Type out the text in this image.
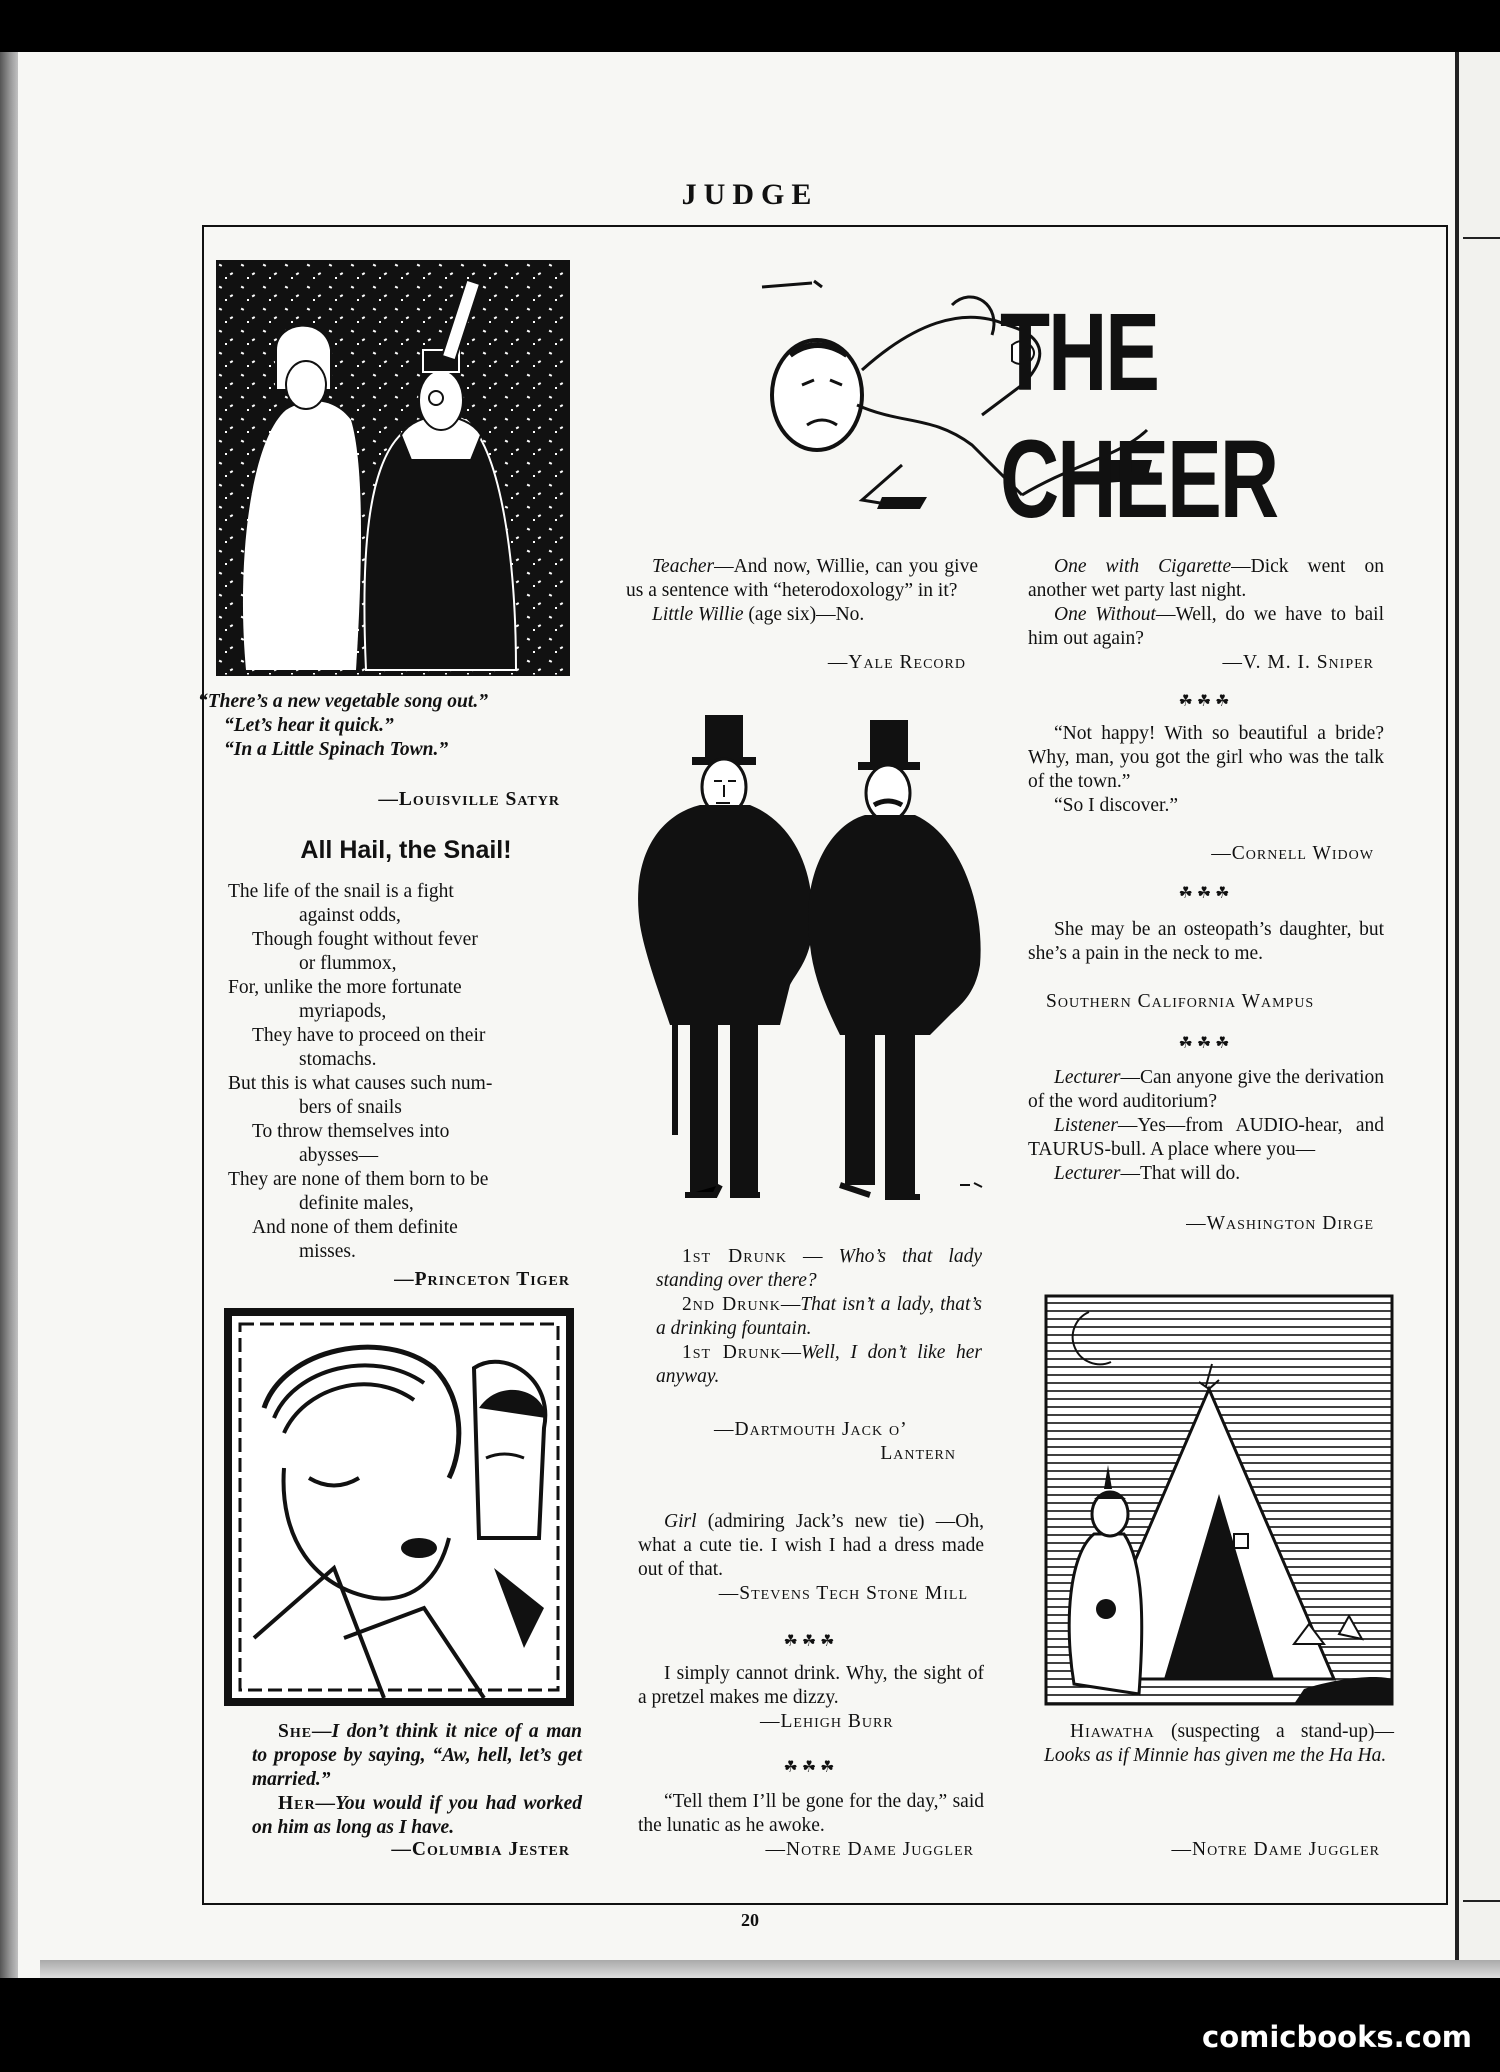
JUDGE

“There’s a new vegetable song out.”

“Let’s hear it quick.”

“In a Little Spinach Town.”

—Louisville Satyr

All Hail, the Snail!

The life of the snail is a fight

against odds,

Though fought without fever

or flummox,

For, unlike the more fortunate

myriapods,

They have to proceed on their

stomachs.

But this is what causes such num-

bers of snails

To throw themselves into

abysses—

They are none of them born to be

definite males,

And none of them definite

misses.

—Princeton Tiger

She—I don’t think it nice of a man to propose by saying, “Aw, hell, let’s get married.”

Her—You would if you had worked on him as long as I have.

—Columbia Jester
THE CHEER

Teacher—And now, Willie, can you give us a sentence with “heterodoxology” in it?

Little Willie (age six)—No.

—Yale Record

1st Drunk — Who’s that lady standing over there?

2nd Drunk—That isn’t a lady, that’s a drinking fountain.

1st Drunk—Well, I don’t like her anyway.

—Dartmouth Jack o’

Lantern

Girl (admiring Jack’s new tie) —Oh, what a cute tie. I wish I had a dress made out of that.

—Stevens Tech Stone Mill
☘☘☘
I simply cannot drink. Why, the sight of a pretzel makes me dizzy.
—Lehigh Burr
☘☘☘
“Tell them I’ll be gone for the day,” said the lunatic as he awoke.
—Notre Dame Juggler

One with Cigarette—Dick went on another wet party last night.

One Without—Well, do we have to bail him out again?

—V. M. I. Sniper
☘☘☘

“Not happy! With so beautiful a bride? Why, man, you got the girl who was the talk of the town.”

“So I discover.”

—Cornell Widow
☘☘☘
She may be an osteopath’s daughter, but she’s a pain in the neck to me.
Southern California Wampus
☘☘☘

Lecturer—Can anyone give the derivation of the word auditorium?

Listener—Yes—from AUDIO-hear, and TAURUS-bull. A place where you—

Lecturer—That will do.

—Washington Dirge

Hiawatha (suspecting a stand-up)—Looks as if Minnie has given me the Ha Ha.

—Notre Dame Juggler
20
comicbooks.com
